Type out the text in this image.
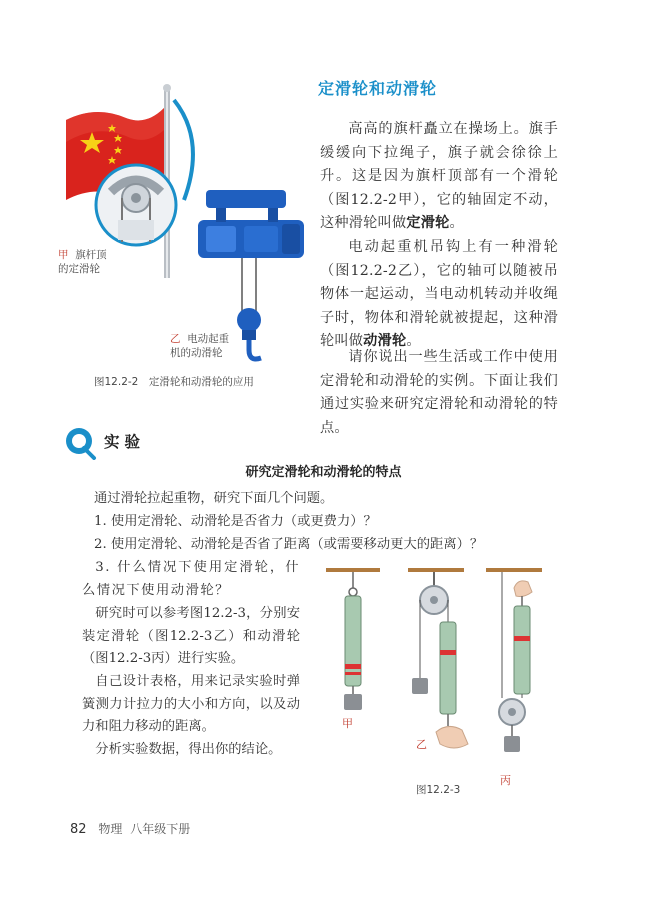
甲 旗杆顶
的定滑轮
乙 电动起重
机的动滑轮
图12.2-2　定滑轮和动滑轮的应用
定滑轮和动滑轮
高高的旗杆矗立在操场上。旗手缓缓向下拉绳子，旗子就会徐徐上升。这是因为旗杆顶部有一个滑轮（图12.2-2甲），它的轴固定不动，这种滑轮叫做定滑轮。
电动起重机吊钩上有一种滑轮（图12.2-2乙），它的轴可以随被吊物体一起运动，当电动机转动并收绳子时，物体和滑轮就被提起，这种滑轮叫做动滑轮。
请你说出一些生活或工作中使用定滑轮和动滑轮的实例。下面让我们通过实验来研究定滑轮和动滑轮的特点。
实验
研究定滑轮和动滑轮的特点
通过滑轮拉起重物，研究下面几个问题。
1. 使用定滑轮、动滑轮是否省力（或更费力）？
2. 使用定滑轮、动滑轮是否省了距离（或需要移动更大的距离）？
3. 什么情况下使用定滑轮，什么情况下使用动滑轮？
研究时可以参考图12.2-3，分别安装定滑轮（图12.2-3乙）和动滑轮（图12.2-3丙）进行实验。
自己设计表格，用来记录实验时弹簧测力计拉力的大小和方向，以及动力和阻力移动的距离。
分析实验数据，得出你的结论。
甲
乙
丙
图12.2-3
82 物理 八年级下册
